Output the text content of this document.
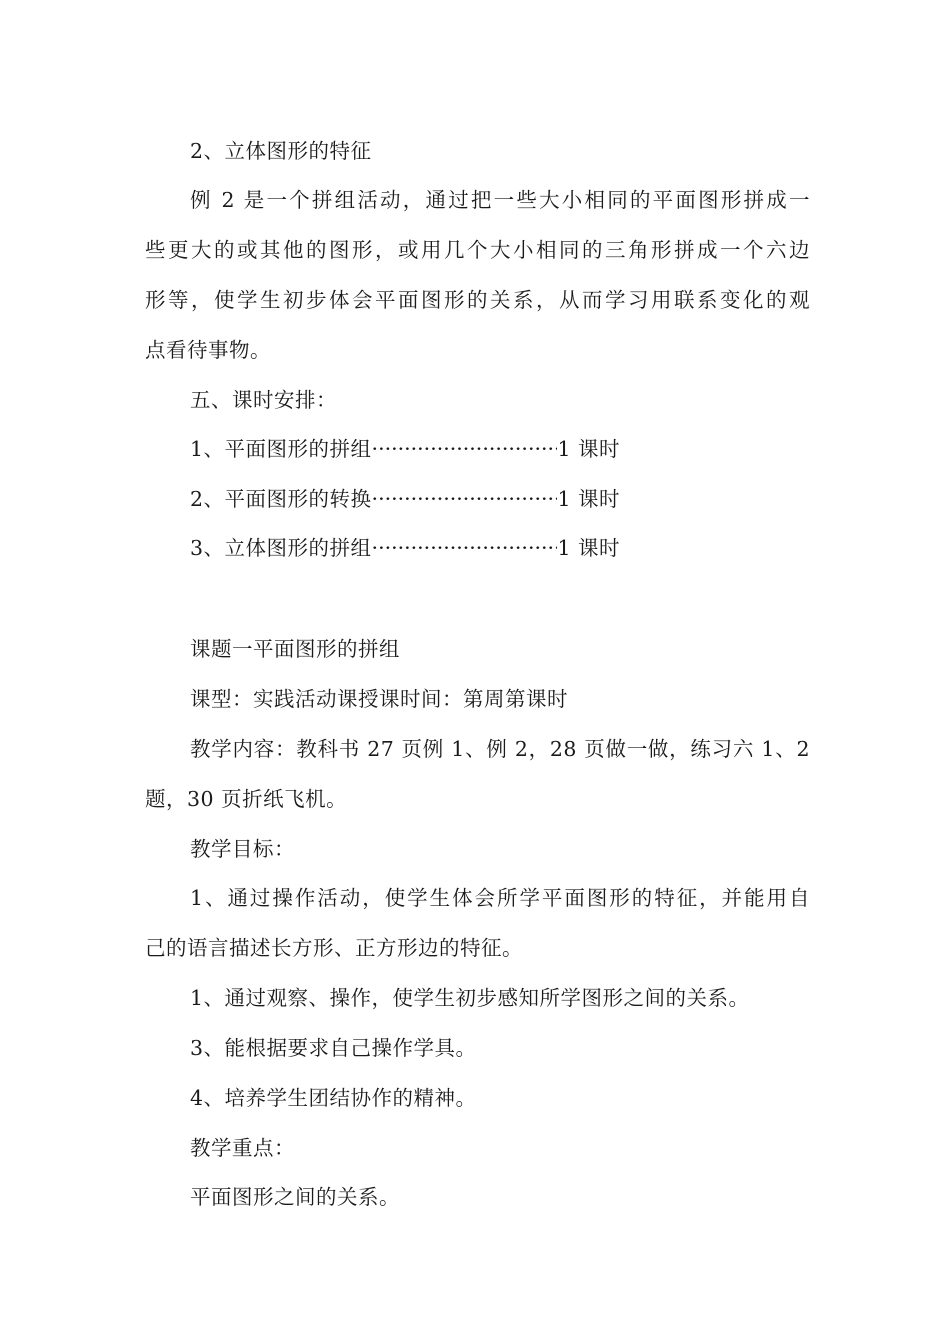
2、立体图形的特征
例 2 是一个拼组活动，通过把一些大小相同的平面图形拼成一
些更大的或其他的图形，或用几个大小相同的三角形拼成一个六边
形等，使学生初步体会平面图形的关系，从而学习用联系变化的观
点看待事物。
五、课时安排：
1、平面图形的拼组 ·····	1 课时
2、平面图形的转换 ·····	1 课时
3、立体图形的拼组 ·····	1 课时
课题一平面图形的拼组
课型：实践活动课授课时间：第周第课时
教学内容：教科书 27 页例 1、例 2，28 页做一做，练习六 1、2
题，30 页折纸飞机。
教学目标：
1、通过操作活动，使学生体会所学平面图形的特征，并能用自
己的语言描述长方形、正方形边的特征。
1、通过观察、操作，使学生初步感知所学图形之间的关系。
3、能根据要求自己操作学具。
4、培养学生团结协作的精神。
教学重点：
平面图形之间的关系。
